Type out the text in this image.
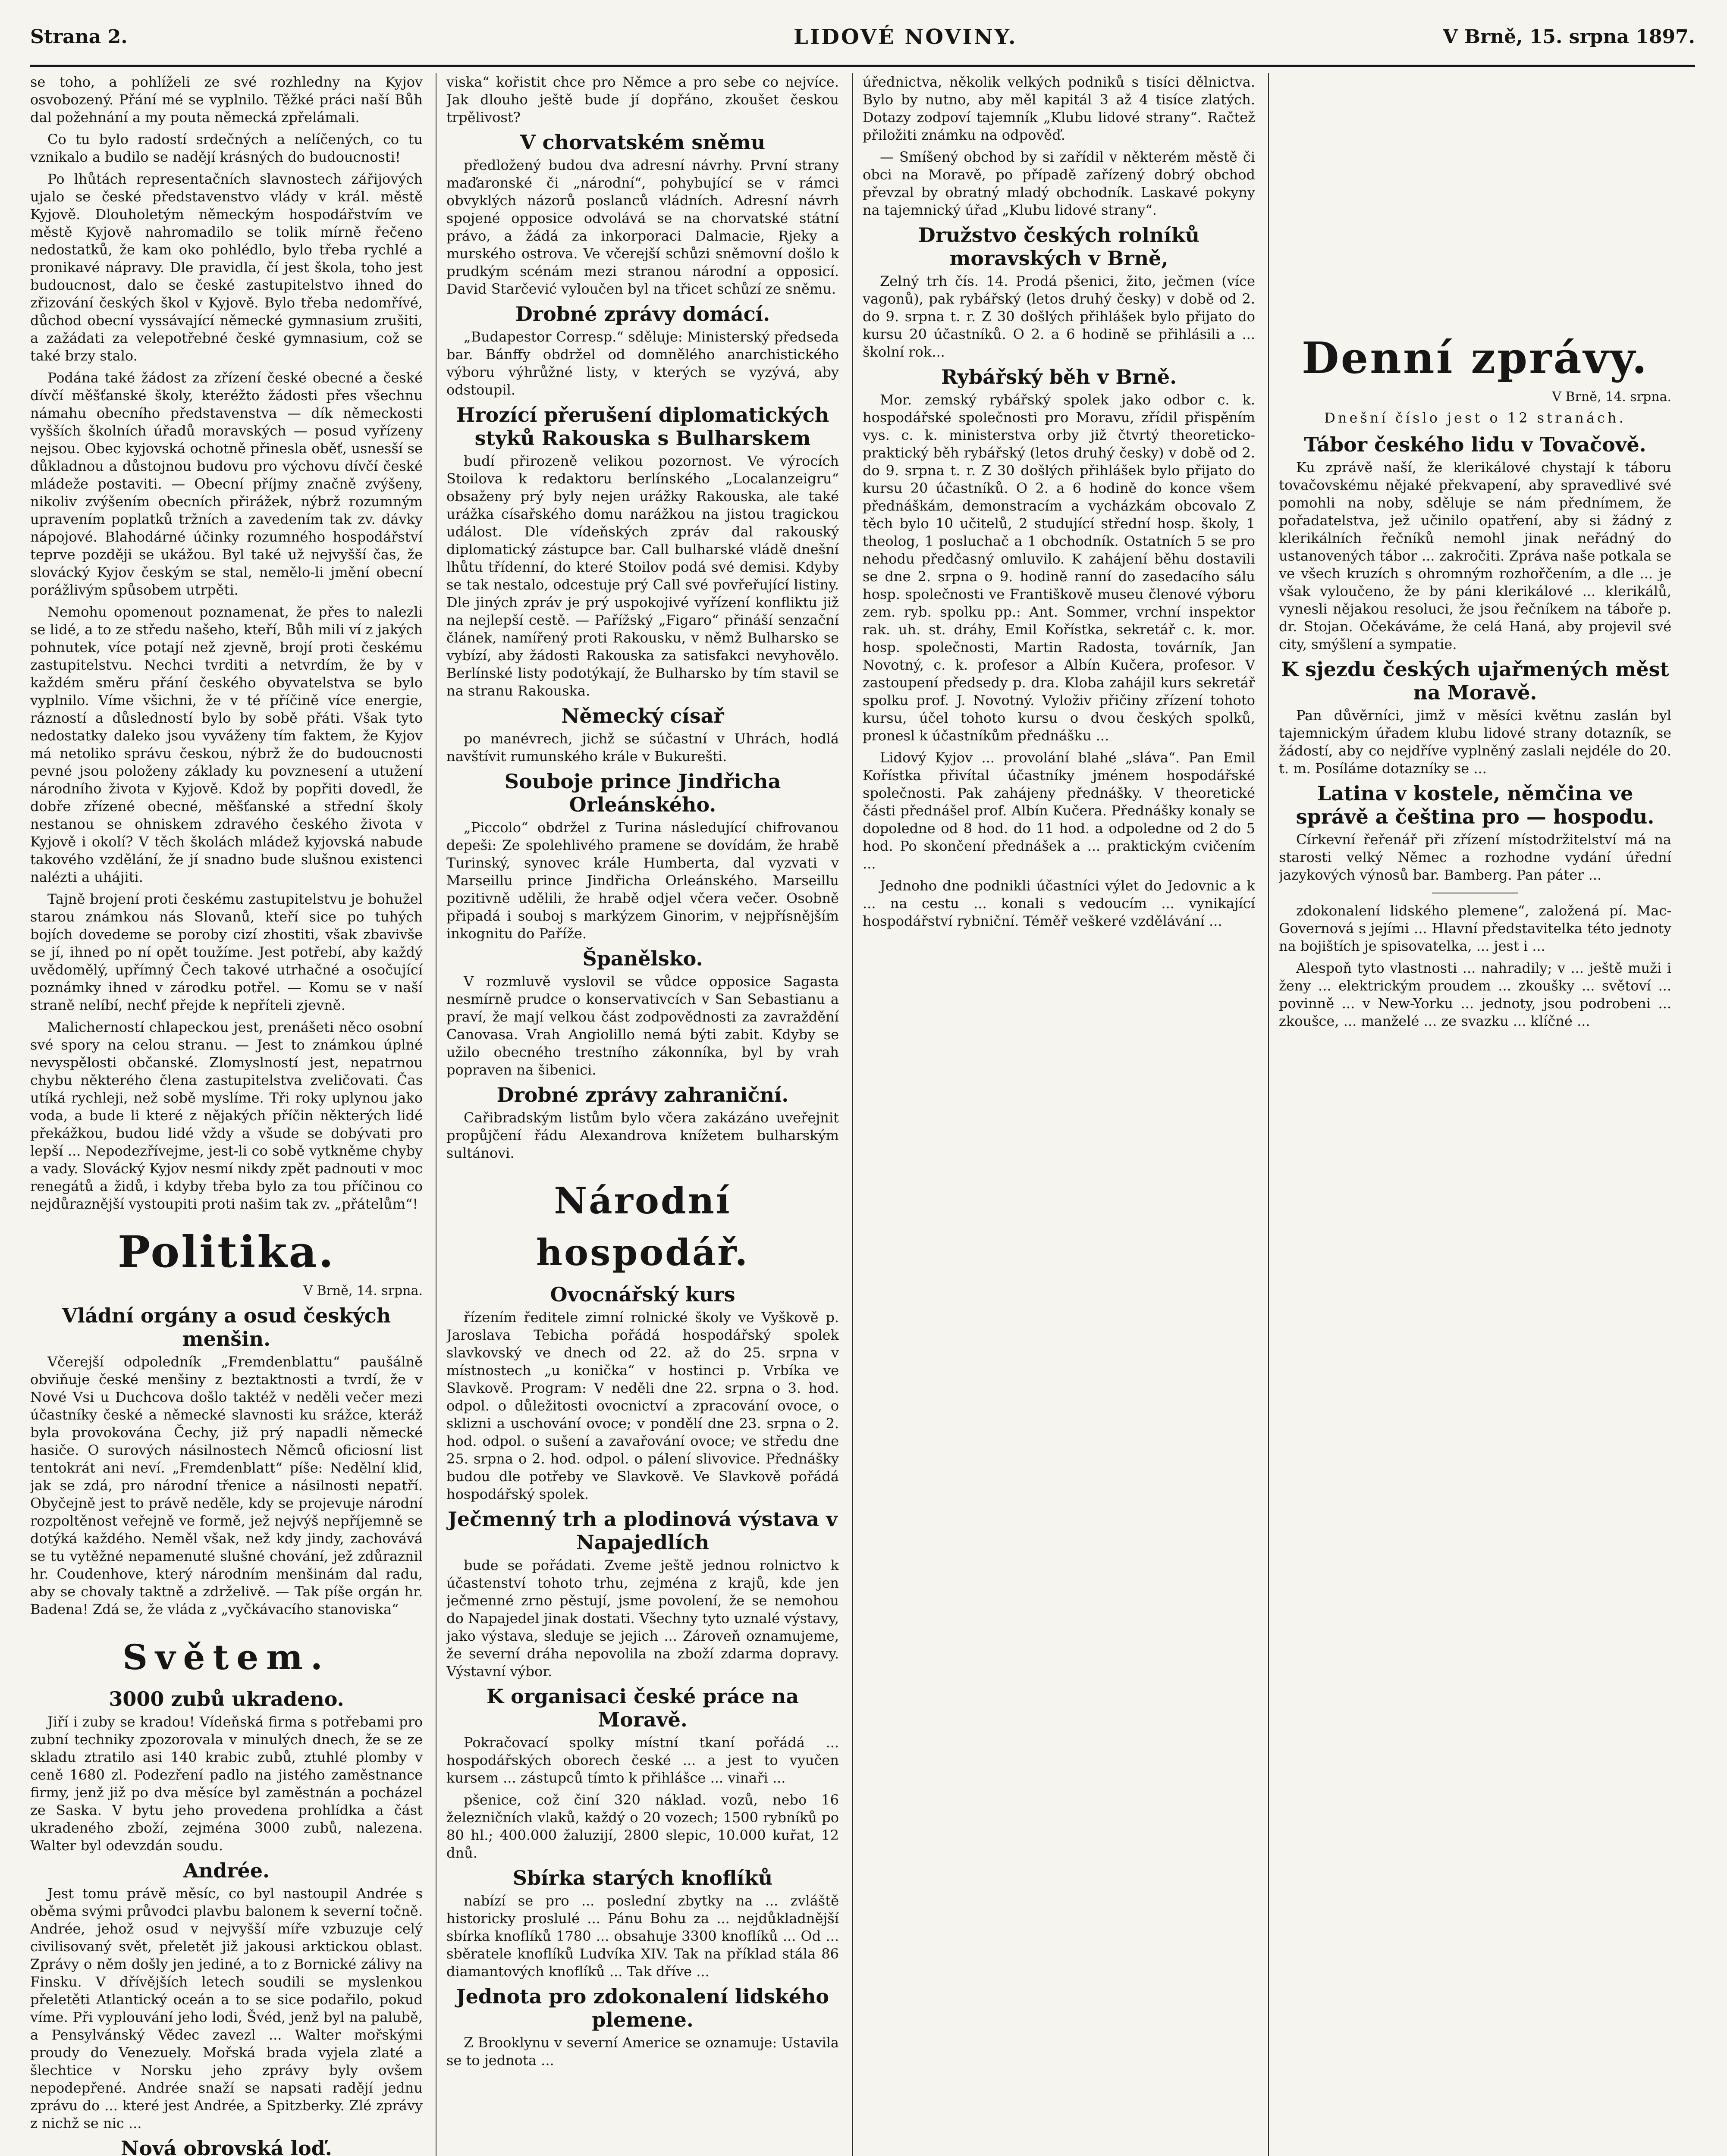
Strana 2.	LIDOVÉ NOVINY.	V Brně, 15. srpna 1897.

se toho, a pohlíželi ze své rozhledny na Kyjov osvobozený. Přání mé se vyplnilo. Těžké práci naší Bůh dal požehnání a my pouta německá zpřelámali.

Co tu bylo radostí srdečných a nelíčených, co tu vznikalo a budilo se nadějí krásných do budoucnosti!

Po lhůtách representačních slavnostech zářijových ujalo se české představenstvo vlády v král. městě Kyjově. Dlouholetým německým hospodářstvím ve městě Kyjově nahromadilo se tolik mírně řečeno nedostatků, že kam oko pohlédlo, bylo třeba rychlé a pronikavé nápravy. Dle pravidla, čí jest škola, toho jest budoucnost, dalo se české zastupitelstvo ihned do zřizování českých škol v Kyjově. Bylo třeba nedomřívé, důchod obecní vyssávající německé gymnasium zrušiti, a zažádati za velepotřebné české gymnasium, což se také brzy stalo.

Podána také žádost za zřízení české obecné a české dívčí měšťanské školy, kteréžto žádosti přes všechnu námahu obecního představenstva — dík německosti vyšších školních úřadů moravských — posud vyřízeny nejsou. Obec kyjovská ochotně přinesla oběť, usnesší se důkladnou a důstojnou budovu pro výchovu dívčí české mládeže postaviti. — Obecní příjmy značně zvýšeny, nikoliv zvýšením obecních přirážek, nýbrž rozumným upravením poplatků tržních a zavedením tak zv. dávky nápojové. Blahodárné účinky rozumného hospodářství teprve později se ukážou. Byl také už nejvyšší čas, že slovácký Kyjov českým se stal, nemělo-li jmění obecní porážlivým spůsobem utrpěti.

Nemohu opomenout poznamenat, že přes to nalezli se lidé, a to ze středu našeho, kteří, Bůh mili ví z jakých pohnutek, více potají než zjevně, brojí proti českému zastupitelstvu. Nechci tvrditi a netvrdím, že by v každém směru přání českého obyvatelstva se bylo vyplnilo. Víme všichni, že v té příčině více energie, rázností a důsledností bylo by sobě přáti. Však tyto nedostatky daleko jsou vyváženy tím faktem, že Kyjov má netoliko správu českou, nýbrž že do budoucnosti pevné jsou položeny základy ku povznesení a utužení národního života v Kyjově. Kdož by popřiti dovedl, že dobře zřízené obecné, měšťanské a střední školy nestanou se ohniskem zdravého českého života v Kyjově i okolí? V těch školách mládež kyjovská nabude takového vzdělání, že jí snadno bude slušnou existenci nalézti a uhájiti.

Tajně brojení proti českému zastupitelstvu je bohužel starou známkou nás Slovanů, kteří sice po tuhých bojích dovedeme se poroby cizí zhostiti, však zbavivše se jí, ihned po ní opět toužíme. Jest potřebí, aby každý uvědomělý, upřímný Čech takové utrhačné a osočující poznámky ihned v zárodku potřel. — Komu se v naší straně nelíbí, nechť přejde k nepříteli zjevně.

Malicherností chlapeckou jest, prenášeti něco osobní své spory na celou stranu. — Jest to známkou úplné nevyspělosti občanské. Zlomyslností jest, nepatrnou chybu některého člena zastupitelstva zveličovati. Čas utíká rychleji, než sobě myslíme. Tři roky uplynou jako voda, a bude li které z nějakých příčin některých lidé překážkou, budou lidé vždy a všude se dobývati pro lepší ... Nepodezřívejme, jest-li co sobě vytkněme chyby a vady. Slovácký Kyjov nesmí nikdy zpět padnouti v moc renegátů a židů, i kdyby třeba bylo za tou příčinou co nejdůraznější vystoupiti proti našim tak zv. „přátelům“!

Politika.
V Brně, 14. srpna.
Vládní orgány a osud českých menšin.

Včerejší odpoledník „Fremdenblattu“ paušálně obviňuje české menšiny z beztaktnosti a tvrdí, že v Nové Vsi u Duchcova došlo taktéž v neděli večer mezi účastníky české a německé slavnosti ku srážce, kteráž byla provokována Čechy, již prý napadli německé hasiče. O surových násilnostech Němců oficiosní list tentokrát ani neví. „Fremdenblatt“ píše: Nedělní klid, jak se zdá, pro národní třenice a násilnosti nepatří. Obyčejně jest to právě neděle, kdy se projevuje národní rozpoltěnost veřejně ve formě, jež nejvýš nepříjemně se dotýká každého. Neměl však, než kdy jindy, zachovává se tu vytěžné nepamenuté slušné chování, jež zdůraznil hr. Coudenhove, který národním menšinám dal radu, aby se chovaly taktně a zdrželivě. — Tak píše orgán hr. Badena! Zdá se, že vláda z „vyčkávacího stanoviska“

Světem.
3000 zubů ukradeno.

Jiří i zuby se kradou! Vídeňská firma s potřebami pro zubní techniky zpozorovala v minulých dnech, že se ze skladu ztratilo asi 140 krabic zubů, ztuhlé plomby v ceně 1680 zl. Podezření padlo na jistého zaměstnance firmy, jenž již po dva měsíce byl zaměstnán a pocházel ze Saska. V bytu jeho provedena prohlídka a část ukradeného zboží, zejména 3000 zubů, nalezena. Walter byl odevzdán soudu.

Andrée.

Jest tomu právě měsíc, co byl nastoupil Andrée s oběma svými průvodci plavbu balonem k severní točně. Andrée, jehož osud v nejvyšší míře vzbuzuje celý civilisovaný svět, přeletět již jakousi arktickou oblast. Zprávy o něm došly jen jediné, a to z Bornické zálivy na Finsku. V dřívějších letech soudili se myslenkou přeletěti Atlantický oceán a to se sice podařilo, pokud víme. Při vyplouvání jeho lodi, Švéd, jenž byl na palubě, a Pensylvánský Vědec zavezl ... Walter mořskými proudy do Venezuely. Mořská brada vyjela zlaté a šlechtice v Norsku jeho zprávy byly ovšem nepodepřené. Andrée snaží se napsati radějí jednu zprávu do ... které jest Andrée, a Spitzberky. Zlé zprávy z nichž se nic ...

Nová obrovská loď.

viska“ kořistit chce pro Němce a pro sebe co nejvíce. Jak dlouho ještě bude jí dopřáno, zkoušet českou trpělivost?

V chorvatském sněmu

předložený budou dva adresní návrhy. První strany maďaronské či „národní“, pohybující se v rámci obvyklých názorů poslanců vládních. Adresní návrh spojené opposice odvolává se na chorvatské státní právo, a žádá za inkorporaci Dalmacie, Rjeky a murského ostrova. Ve včerejší schůzi sněmovní došlo k prudkým scénám mezi stranou národní a opposicí. David Starčević vyloučen byl na třicet schůzí ze sněmu.

Drobné zprávy domácí.

„Budapestor Corresp.“ sděluje: Ministerský předseda bar. Bánffy obdržel od domnělého anarchistického výboru výhrůžné listy, v kterých se vyzývá, aby odstoupil.

Hrozící přerušení diplomatických styků Rakouska s Bulharskem

budí přirozeně velikou pozornost. Ve výrocích Stoilova k redaktoru berlínského „Localanzeigru“ obsaženy prý byly nejen urážky Rakouska, ale také urážka císařského domu narážkou na jistou tragickou událost. Dle vídeňských zpráv dal rakouský diplomatický zástupce bar. Call bulharské vládě dnešní lhůtu třídenní, do které Stoilov podá své demisi. Kdyby se tak nestalo, odcestuje prý Call své povřeřující listiny. Dle jiných zpráv je prý uspokojivé vyřízení konfliktu již na nejlepší cestě. — Pařížský „Figaro“ přináší senzační článek, namířený proti Rakousku, v němž Bulharsko se vybízí, aby žádosti Rakouska za satisfakci nevyhovělo. Berlínské listy podotýkají, že Bulharsko by tím stavil se na stranu Rakouska.

Německý císař

po manévrech, jichž se súčastní v Uhrách, hodlá navštívit rumunského krále v Bukurešti.

Souboje prince Jindřicha Orleánského.

„Piccolo“ obdržel z Turina následující chifrovanou depeši: Ze spolehlivého pramene se dovídám, že hrabě Turinský, synovec krále Humberta, dal vyzvati v Marseillu prince Jindřicha Orleánského. Marseillu pozitivně udělili, že hrabě odjel včera večer. Osobně připadá i souboj s markýzem Ginorim, v nejpřísnějším inkognitu do Paříže.

Španělsko.

V rozmluvě vyslovil se vůdce opposice Sagasta nesmírně prudce o konservativcích v San Sebastianu a praví, že mají velkou část zodpovědnosti za zavraždění Canovasa. Vrah Angiolillo nemá býti zabit. Kdyby se užilo obecného trestního zákonníka, byl by vrah popraven na šibenici.

Drobné zprávy zahraniční.

Cařibradským listům bylo včera zakázáno uveřejnit propůjčení řádu Alexandrova knížetem bulharským sultánovi.

Národní hospodář.
Ovocnářský kurs

řízením ředitele zimní rolnické školy ve Vyškově p. Jaroslava Tebicha pořádá hospodářský spolek slavkovský ve dnech od 22. až do 25. srpna v místnostech „u konička“ v hostinci p. Vrbíka ve Slavkově. Program: V neděli dne 22. srpna o 3. hod. odpol. o důležitosti ovocnictví a zpracování ovoce, o sklizni a uschování ovoce; v pondělí dne 23. srpna o 2. hod. odpol. o sušení a zavařování ovoce; ve středu dne 25. srpna o 2. hod. odpol. o pálení slivovice. Přednášky budou dle potřeby ve Slavkově. Ve Slavkově pořádá hospodářský spolek.

Ječmenný trh a plodinová výstava v Napajedlích

bude se pořádati. Zveme ještě jednou rolnictvo k účastenství tohoto trhu, zejména z krajů, kde jen ječmenné zrno pěstují, jsme povolení, že se nemohou do Napajedel jinak dostati. Všechny tyto uznalé výstavy, jako výstava, sleduje se jejich ... Zároveň oznamujeme, že severní dráha nepovolila na zboží zdarma dopravy. Výstavní výbor.

K organisaci české práce na Moravě.

Pokračovací spolky místní tkaní pořádá ... hospodářských oborech české ... a jest to vyučen kursem ... zástupců tímto k přihlášce ... vinaři ...

pšenice, což činí 320 náklad. vozů, nebo 16 železničních vlaků, každý o 20 vozech; 1500 rybníků po 80 hl.; 400.000 žaluzijí, 2800 slepic, 10.000 kuřat, 12 dnů.

Sbírka starých knoflíků

nabízí se pro ... poslední zbytky na ... zvláště historicky proslulé ... Pánu Bohu za ... nejdůkladnější sbírka knoflíků 1780 ... obsahuje 3300 knoflíků ... Od ... sběratele knoflíků Ludvíka XIV. Tak na příklad stála 86 diamantových knoflíků ... Tak dříve ...

Jednota pro zdokonalení lidského plemene.

Z Brooklynu v severní Americe se oznamuje: Ustavila se to jednota ...

úřednictva, několik velkých podniků s tisíci dělnictva. Bylo by nutno, aby měl kapitál 3 až 4 tisíce zlatých. Dotazy zodpoví tajemník „Klubu lidové strany“. Račtež přiložiti známku na odpověď.

— Smíšený obchod by si zařídil v některém městě či obci na Moravě, po případě zařízený dobrý obchod převzal by obratný mladý obchodník. Laskavé pokyny na tajemnický úřad „Klubu lidové strany“.

Družstvo českých rolníků moravských v Brně,

Zelný trh čís. 14. Prodá pšenici, žito, ječmen (více vagonů), pak rybářský (letos druhý česky) v době od 2. do 9. srpna t. r. Z 30 došlých přihlášek bylo přijato do kursu 20 účastníků. O 2. a 6 hodině se přihlásili a ... školní rok...

Rybářský běh v Brně.

Mor. zemský rybářský spolek jako odbor c. k. hospodářské společnosti pro Moravu, zřídil přispěním vys. c. k. ministerstva orby již čtvrtý theoreticko-praktický běh rybářský (letos druhý česky) v době od 2. do 9. srpna t. r. Z 30 došlých přihlášek bylo přijato do kursu 20 účastníků. O 2. a 6 hodině do konce všem přednáškám, demonstracím a vycházkám obcovalo Z těch bylo 10 učitelů, 2 studující střední hosp. školy, 1 theolog, 1 posluchač a 1 obchodník. Ostatních 5 se pro nehodu předčasný omluvilo. K zahájení běhu dostavili se dne 2. srpna o 9. hodině ranní do zasedacího sálu hosp. společnosti ve Františkově museu členové výboru zem. ryb. spolku pp.: Ant. Sommer, vrchní inspektor rak. uh. st. dráhy, Emil Kořístka, sekretář c. k. mor. hosp. společnosti, Martin Radosta, továrník, Jan Novotný, c. k. profesor a Albín Kučera, profesor. V zastoupení předsedy p. dra. Kloba zahájil kurs sekretář spolku prof. J. Novotný. Vyloživ přičiny zřízení tohoto kursu, účel tohoto kursu o dvou českých spolků, pronesl k účastníkům přednášku ...

Lidový Kyjov ... provolání blahé „sláva“. Pan Emil Kořístka přivítal účastníky jménem hospodářské společnosti. Pak zahájeny přednášky. V theoretické části přednášel prof. Albín Kučera. Přednášky konaly se dopoledne od 8 hod. do 11 hod. a odpoledne od 2 do 5 hod. Po skončení přednášek a ... praktickým cvičením ...

Jednoho dne podnikli účastníci výlet do Jedovnic a k ... na cestu ... konali s vedoucím ... vynikající hospodářství rybniční. Téměř veškeré vzdělávání ...

Denní zprávy.
V Brně, 14. srpna.
Dnešní číslo jest o 12 stranách.
Tábor českého lidu v Tovačově.

Ku zprávě naší, že klerikálové chystají k táboru tovačovskému nějaké překvapení, aby spravedlivé své pomohli na noby, sděluje se nám přednímem, že pořadatelstva, jež učinilo opatření, aby si žádný z klerikálních řečníků nemohl jinak neřádný do ustanovených tábor ... zakročiti. Zpráva naše potkala se ve všech kruzích s ohromným rozhořčením, a dle ... je však vyloučeno, že by páni klerikálové ... klerikálů, vynesli nějakou resoluci, že jsou řečníkem na táboře p. dr. Stojan. Očekáváme, že celá Haná, aby projevil své city, smýšlení a sympatie.

K sjezdu českých ujařmených měst na Moravě.

Pan důvěrníci, jimž v měsíci květnu zaslán byl tajemnickým úřadem klubu lidové strany dotazník, se žádostí, aby co nejdříve vyplněný zaslali nejdéle do 20. t. m. Posíláme dotazníky se ...

Latina v kostele, němčina ve správě a čeština pro — hospodu.

Církevní řeřenář při zřízení místodržitelství má na starosti velký Němec a rozhodne vydání úřední jazykových výnosů bar. Bamberg. Pan páter ...

zdokonalení lidského plemene“, založená pí. Mac-Governová s jejími ... Hlavní představitelka této jednoty na bojištích je spisovatelka, ... jest i ...

Alespoň tyto vlastnosti ... nahradily; v ... ještě muži i ženy ... elektrickým proudem ... zkoušky ... světoví ... povinně ... v New-Yorku ... jednoty, jsou podrobeni ... zkoušce, ... manželé ... ze svazku ... klíčné ...
